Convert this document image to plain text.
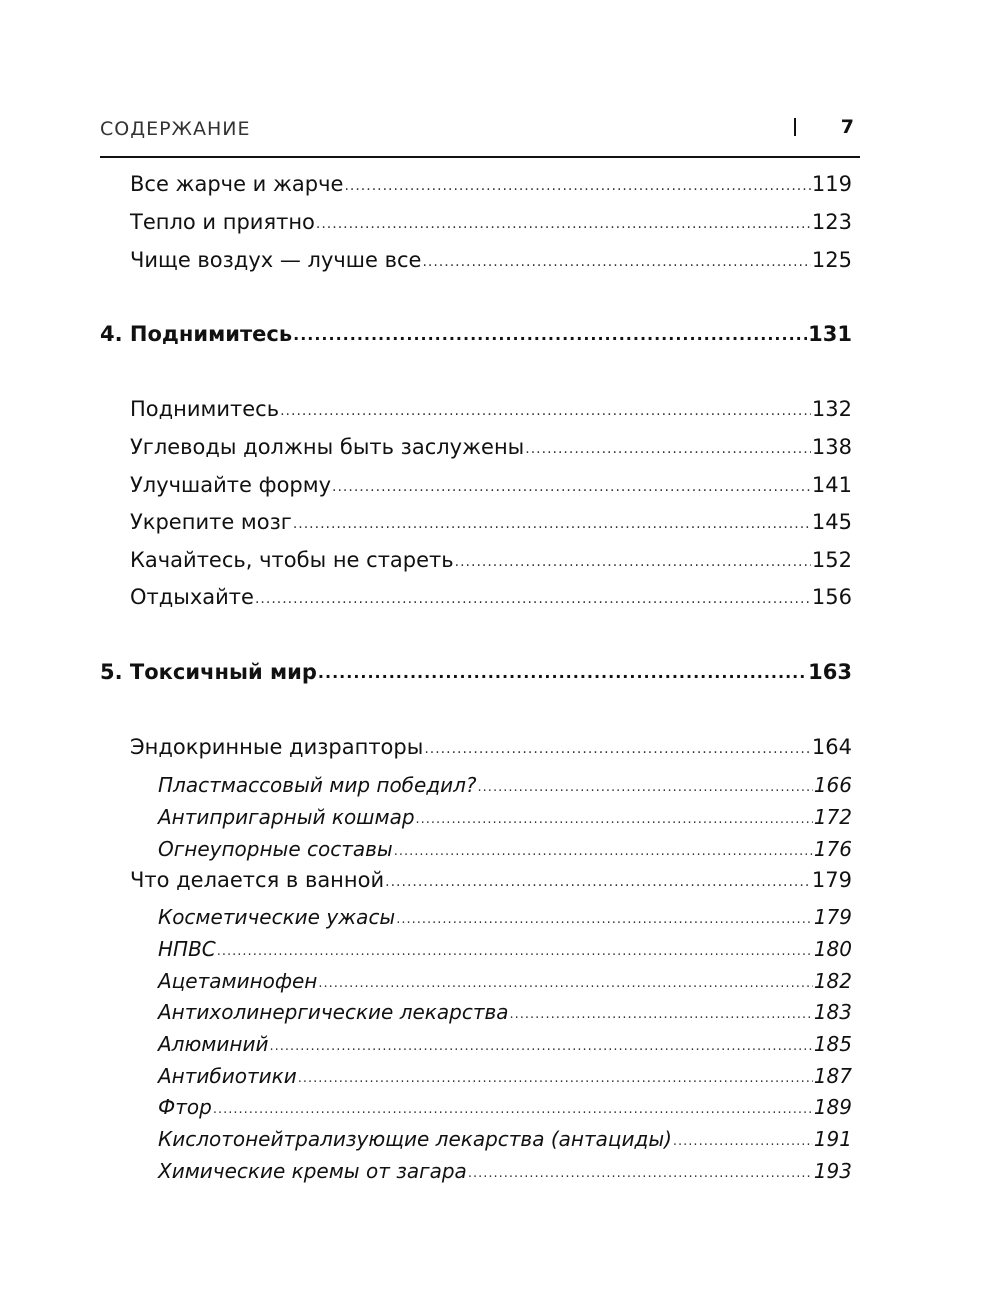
СОДЕРЖАНИЕ	7
Все жарче и жарче .....	119
Тепло и приятно .....	123
Чище воздух — лучше все .....	125
4. Поднимитесь .....	131
Поднимитесь .....	132
Углеводы должны быть заслужены .....	138
Улучшайте форму .....	141
Укрепите мозг .....	145
Качайтесь, чтобы не стареть .....	152
Отдыхайте .....	156
5. Токсичный мир .....	163
Эндокринные дизрапторы .....	164
Пластмассовый мир победил? .....	166
Антипригарный кошмар .....	172
Огнеупорные составы .....	176
Что делается в ванной .....	179
Косметические ужасы .....	179
НПВС .....	180
Ацетаминофен .....	182
Антихолинергические лекарства .....	183
Алюминий .....	185
Антибиотики .....	187
Фтор .....	189
Кислотонейтрализующие лекарства (антациды) .....	191
Химические кремы от загара .....	193
